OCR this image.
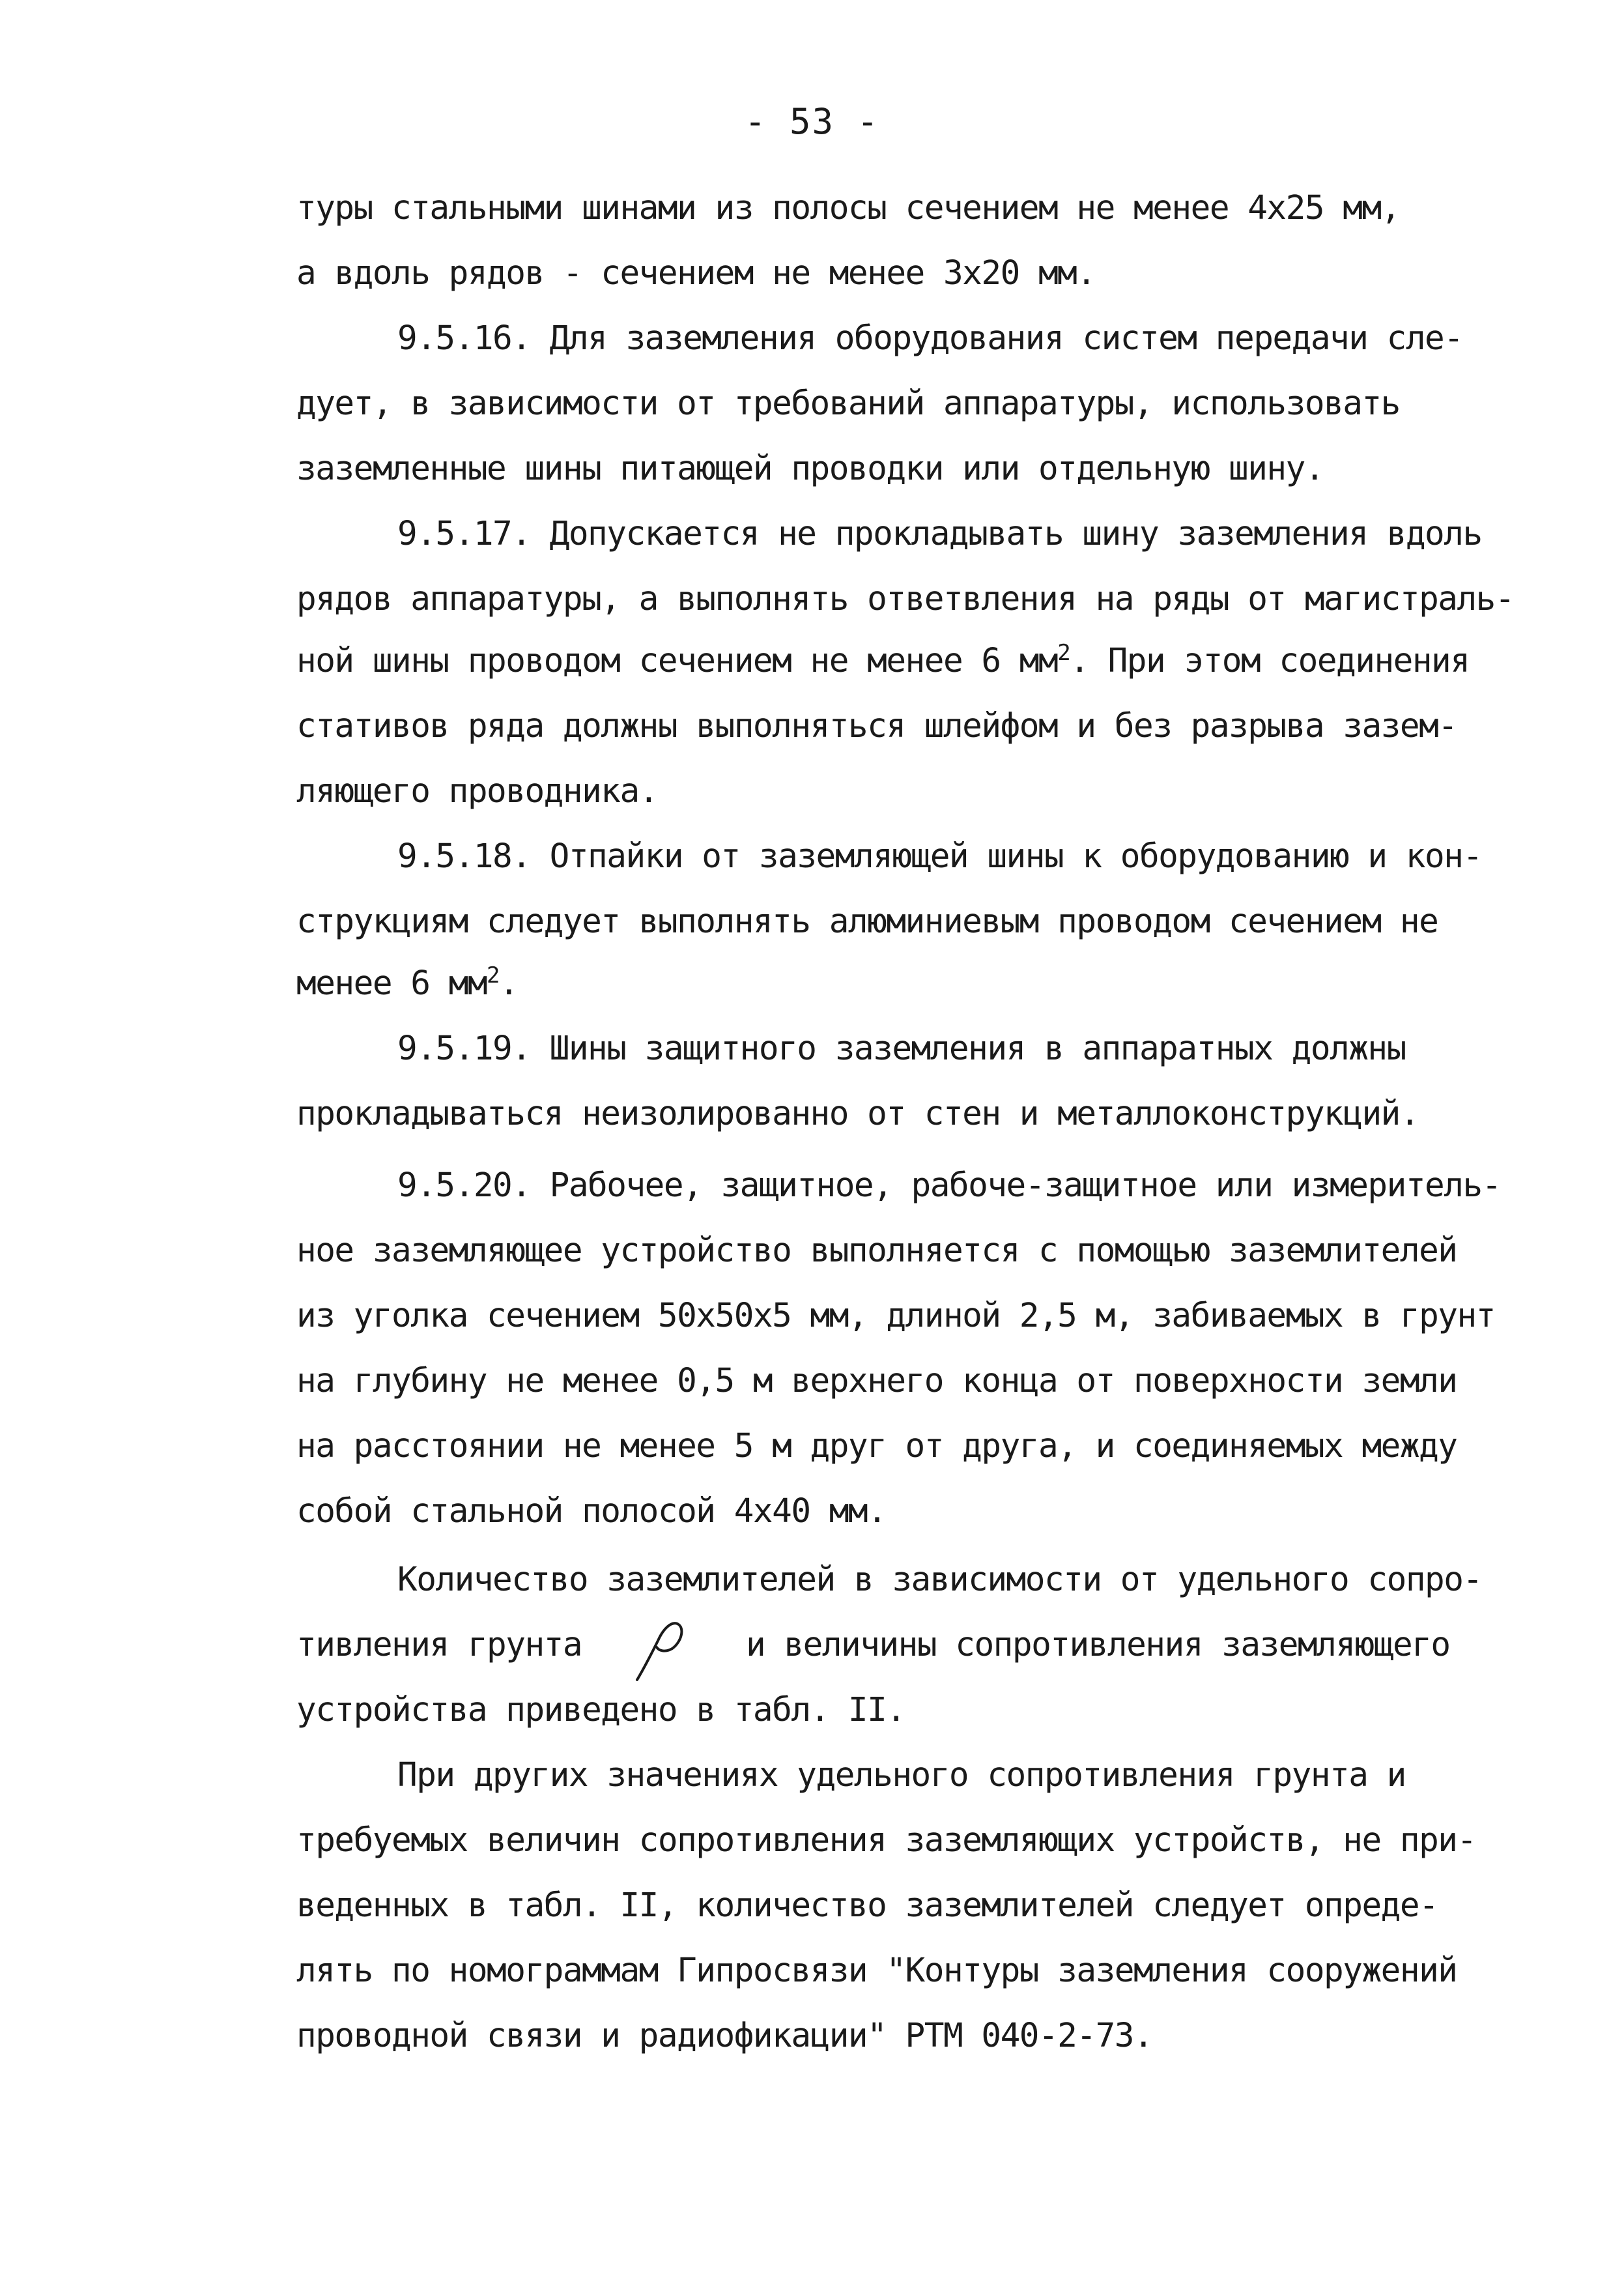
- 53 -
туры стальными шинами из полосы сечением не менее 4х25 мм,
а вдоль рядов - сечением не менее 3х20 мм.
9.5.16. Для заземления оборудования систем передачи сле-
дует, в зависимости от требований аппаратуры, использовать
заземленные шины питающей проводки или отдельную шину.
9.5.17. Допускается не прокладывать шину заземления вдоль
рядов аппаратуры, а выполнять ответвления на ряды от магистраль-
ной шины проводом сечением не менее 6 $мм^2$. При этом соединения
стативов ряда должны выполняться шлейфом и без разрыва зазем-
ляющего проводника.
9.5.18. Отпайки от заземляющей шины к оборудованию и кон-
струкциям следует выполнять алюминиевым проводом сечением не
менее 6 $мм^2$.
9.5.19. Шины защитного заземления в аппаратных должны
прокладываться неизолированно от стен и металлоконструкций.
9.5.20. Рабочее, защитное, рабоче-защитное или измеритель-
ное заземляющее устройство выполняется с помощью заземлителей
из уголка сечением 50х50х5 мм, длиной 2,5 м, забиваемых в грунт
на глубину не менее 0,5 м верхнего конца от поверхности земли
на расстоянии не менее 5 м друг от друга, и соединяемых между
собой стальной полосой 4х40 мм.
Количество заземлителей в зависимости от удельного сопро-
тивления грунта	и величины сопротивления заземляющего
устройства приведено в табл. II.
При других значениях удельного сопротивления грунта и
требуемых величин сопротивления заземляющих устройств, не при-
веденных в табл. II, количество заземлителей следует опреде-
лять по номограммам Гипросвязи "Контуры заземления сооружений
проводной связи и радиофикации" РТМ 040-2-73.
